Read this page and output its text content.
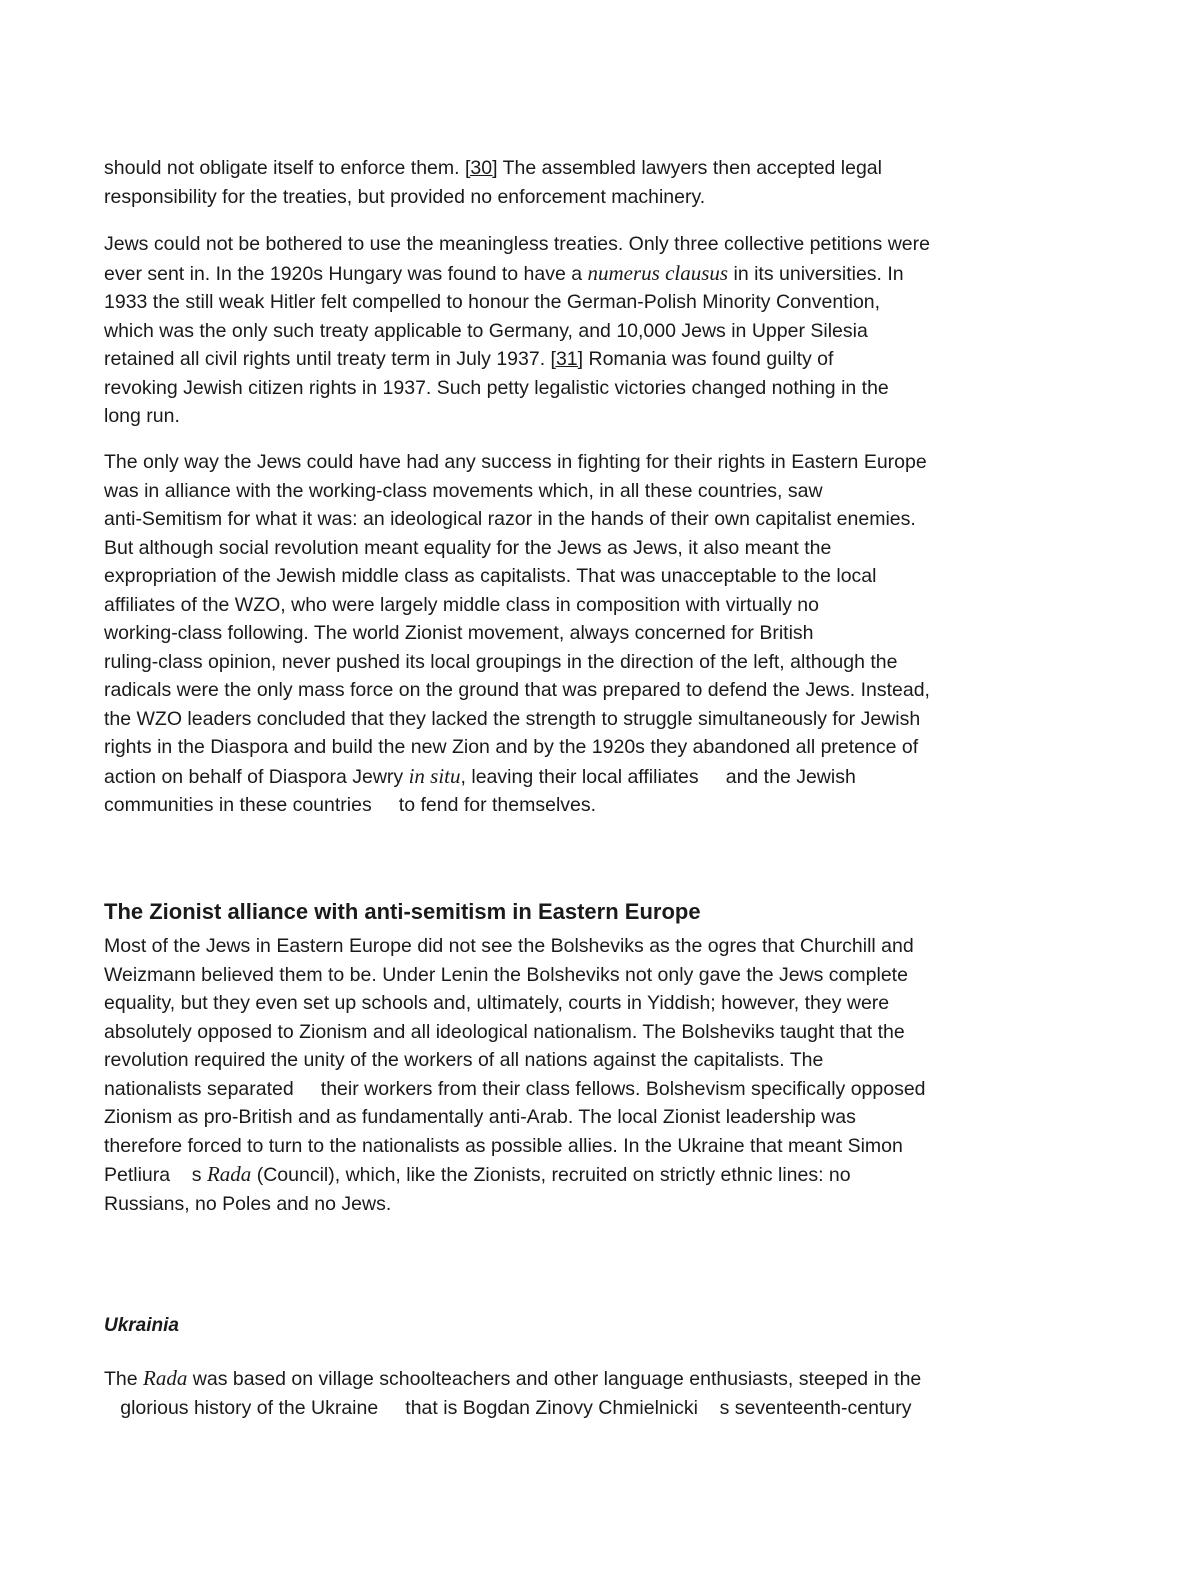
should not obligate itself to enforce them. [30] The assembled lawyers then accepted legal
responsibility for the treaties, but provided no enforcement machinery.

Jews could not be bothered to use the meaningless treaties. Only three collective petitions were
ever sent in. In the 1920s Hungary was found to have a numerus clausus in its universities. In
1933 the still weak Hitler felt compelled to honour the German-Polish Minority Convention,
which was the only such treaty applicable to Germany, and 10,000 Jews in Upper Silesia
retained all civil rights until treaty term in July 1937. [31] Romania was found guilty of
revoking Jewish citizen rights in 1937. Such petty legalistic victories changed nothing in the
long run.

The only way the Jews could have had any success in fighting for their rights in Eastern Europe
was in alliance with the working-class movements which, in all these countries, saw
anti-Semitism for what it was: an ideological razor in the hands of their own capitalist enemies.
But although social revolution meant equality for the Jews as Jews, it also meant the
expropriation of the Jewish middle class as capitalists. That was unacceptable to the local
affiliates of the WZO, who were largely middle class in composition with virtually no
working-class following. The world Zionist movement, always concerned for British
ruling-class opinion, never pushed its local groupings in the direction of the left, although the
radicals were the only mass force on the ground that was prepared to defend the Jews. Instead,
the WZO leaders concluded that they lacked the strength to struggle simultaneously for Jewish
rights in the Diaspora and build the new Zion and by the 1920s they abandoned all pretence of
action on behalf of Diaspora Jewry in situ, leaving their local affiliates     and the Jewish
communities in these countries     to fend for themselves.

The Zionist alliance with anti-semitism in Eastern Europe

Most of the Jews in Eastern Europe did not see the Bolsheviks as the ogres that Churchill and
Weizmann believed them to be. Under Lenin the Bolsheviks not only gave the Jews complete
equality, but they even set up schools and, ultimately, courts in Yiddish; however, they were
absolutely opposed to Zionism and all ideological nationalism. The Bolsheviks taught that the
revolution required the unity of the workers of all nations against the capitalists. The
nationalists separated     their workers from their class fellows. Bolshevism specifically opposed
Zionism as pro-British and as fundamentally anti-Arab. The local Zionist leadership was
therefore forced to turn to the nationalists as possible allies. In the Ukraine that meant Simon
Petliura    s Rada (Council), which, like the Zionists, recruited on strictly ethnic lines: no
Russians, no Poles and no Jews.

Ukrainia

The Rada was based on village schoolteachers and other language enthusiasts, steeped in the
glorious history of the Ukraine     that is Bogdan Zinovy Chmielnicki    s seventeenth-century
